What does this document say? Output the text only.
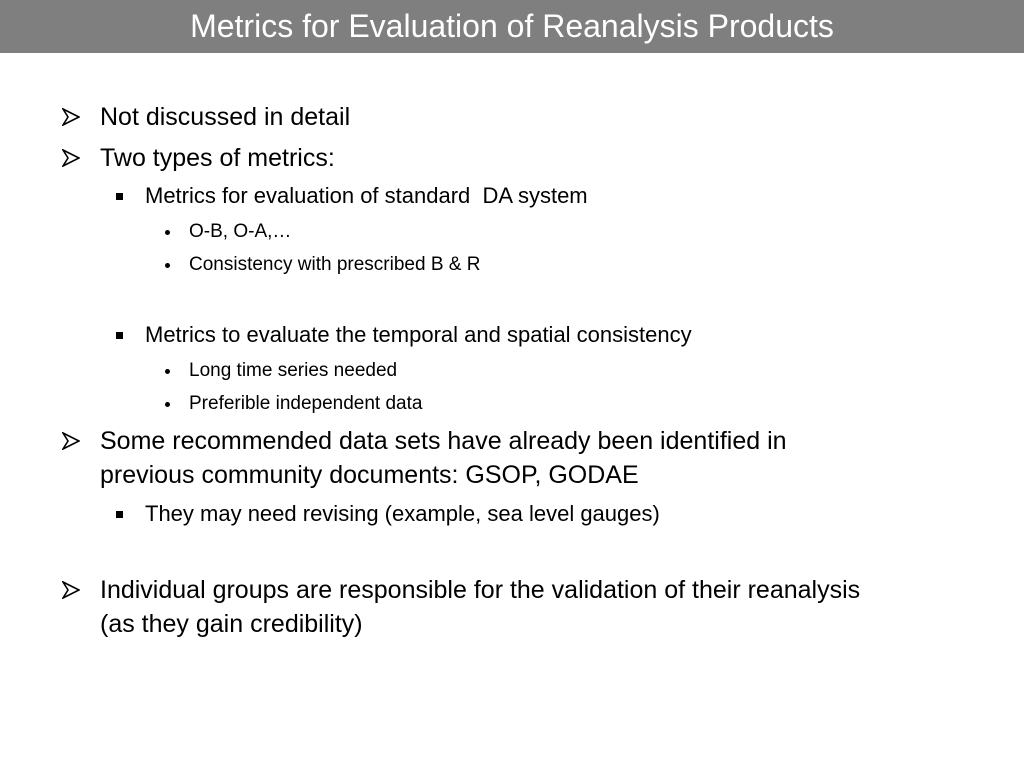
Metrics for Evaluation of Reanalysis Products
Not discussed in detail
Two types of metrics:
Metrics for evaluation of standard  DA system
O-B, O-A,…
Consistency with prescribed B & R
Metrics to evaluate the temporal and spatial consistency
Long time series needed
Preferible independent data
Some recommended data sets have already been identified in
previous community documents: GSOP, GODAE
They may need revising (example, sea level gauges)
Individual groups are responsible for the validation of their reanalysis
(as they gain credibility)
